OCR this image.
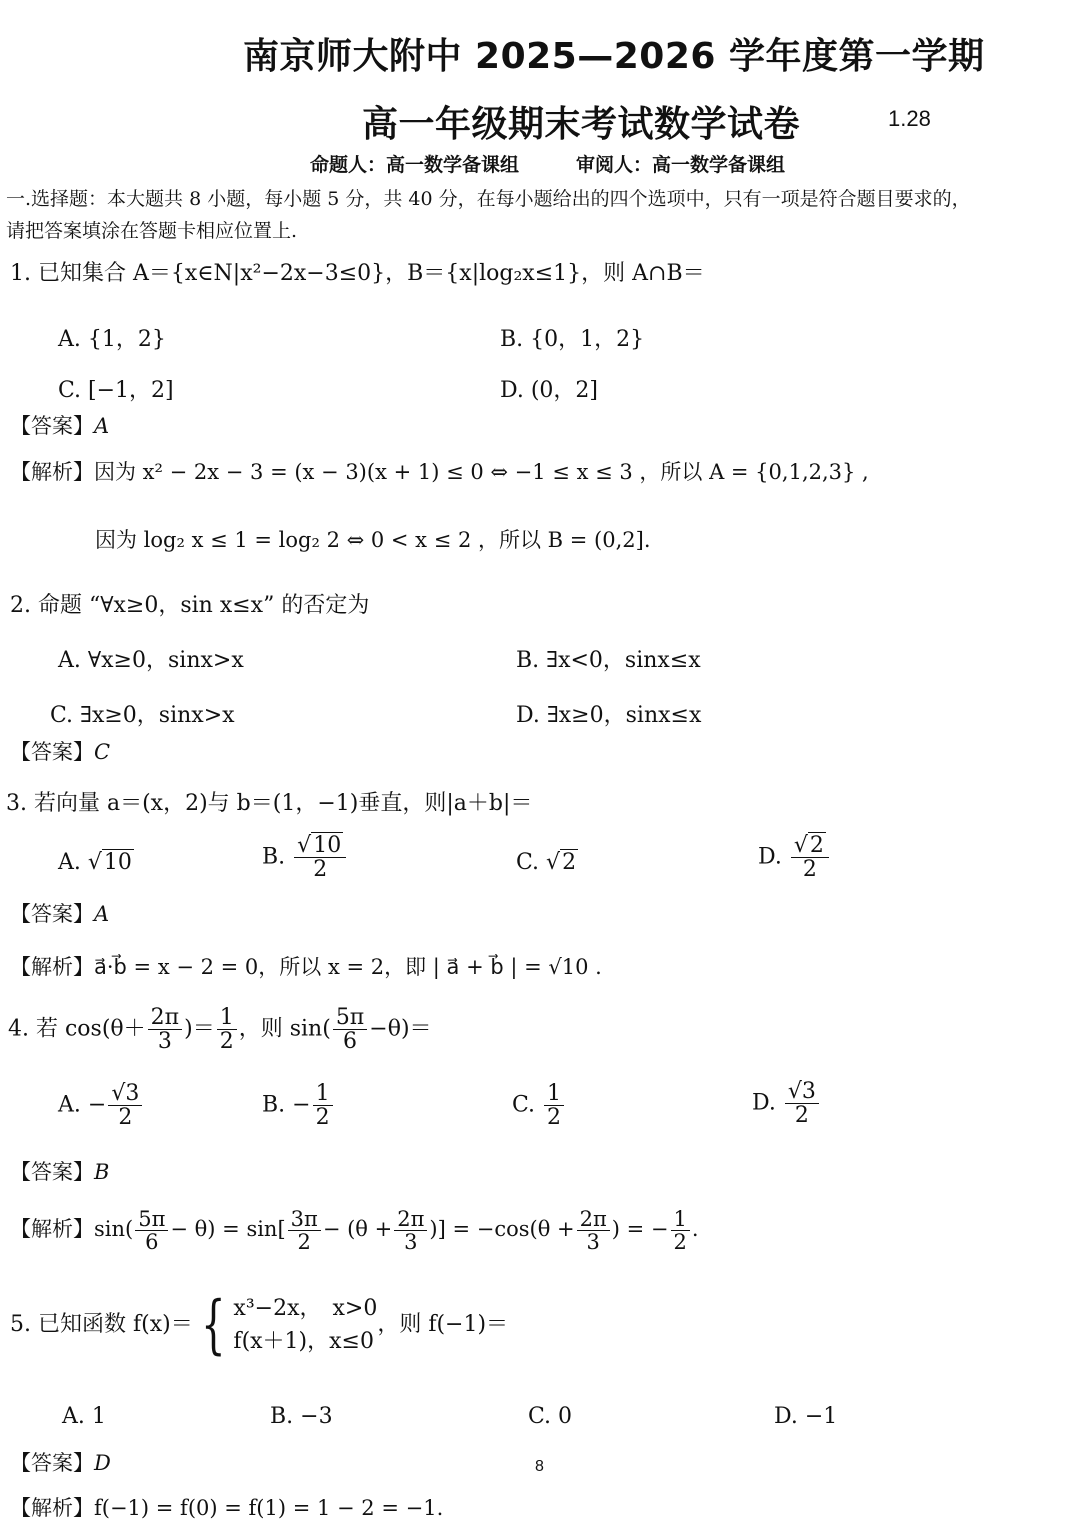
南京师大附中 2025—2026 学年度第一学期
高一年级期末考试数学试卷	1.28
命题人：高一数学备课组　　　审阅人：高一数学备课组
一.选择题：本大题共 8 小题，每小题 5 分，共 40 分，在每小题给出的四个选项中，只有一项是符合题目要求的，
请把答案填涂在答题卡相应位置上.
1. 已知集合 A＝{x∈N|x²−2x−3≤0}，B＝{x|log₂x≤1}，则 A∩B＝
A. {1，2}	B. {0，1，2}
C. [−1，2]	D. (0，2]
【答案】A
【解析】因为 x² − 2x − 3 = (x − 3)(x + 1) ≤ 0 ⇔ −1 ≤ x ≤ 3 ，所以 A = {0,1,2,3} ,
因为 log₂ x ≤ 1 = log₂ 2 ⇔ 0 < x ≤ 2 ，所以 B = (0,2].
2. 命题 “∀x≥0，sin x≤x” 的否定为
A. ∀x≥0，sinx>x	B. ∃x<0，sinx≤x
C. ∃x≥0，sinx>x	D. ∃x≥0，sinx≤x
【答案】C
3. 若向量 a＝(x，2)与 b＝(1，−1)垂直，则|a＋b|＝
A. √10	B. $\frac{√10}{2}$	C. √2	D. $\frac{√2}{2}$
【答案】A
【解析】a⃗·b⃗ = x − 2 = 0，所以 x = 2，即 | a⃗ + b⃗ | = √10 .
4. 若 $\cos(\theta+ \frac{2\pi}{3}$ )＝ $\frac{1}{2}$ ，则 $\sin( \frac{5\pi}{6} -\theta)=$
A. − $\frac{√3}{2}$	B. − $\frac{1}{2}$	C. $\frac{1}{2}$	D. $\frac{√3}{2}$
【答案】B
【解析】$\sin( \frac{5\pi}{6} - \theta) = \sin[ \frac{3\pi}{2} - (\theta + \frac{2\pi}{3}$ )] = $-\cos(\theta + \frac{2\pi}{3}$ ) = − $\frac{1}{2}$ .
5. 已知函数 f(x)＝ { x³−2x，　x>0
f(x＋1)，x≤0
，则 f(−1)＝
A. 1	B. −3	C. 0	D. −1
【答案】D	8
【解析】f(−1) = f(0) = f(1) = 1 − 2 = −1.
